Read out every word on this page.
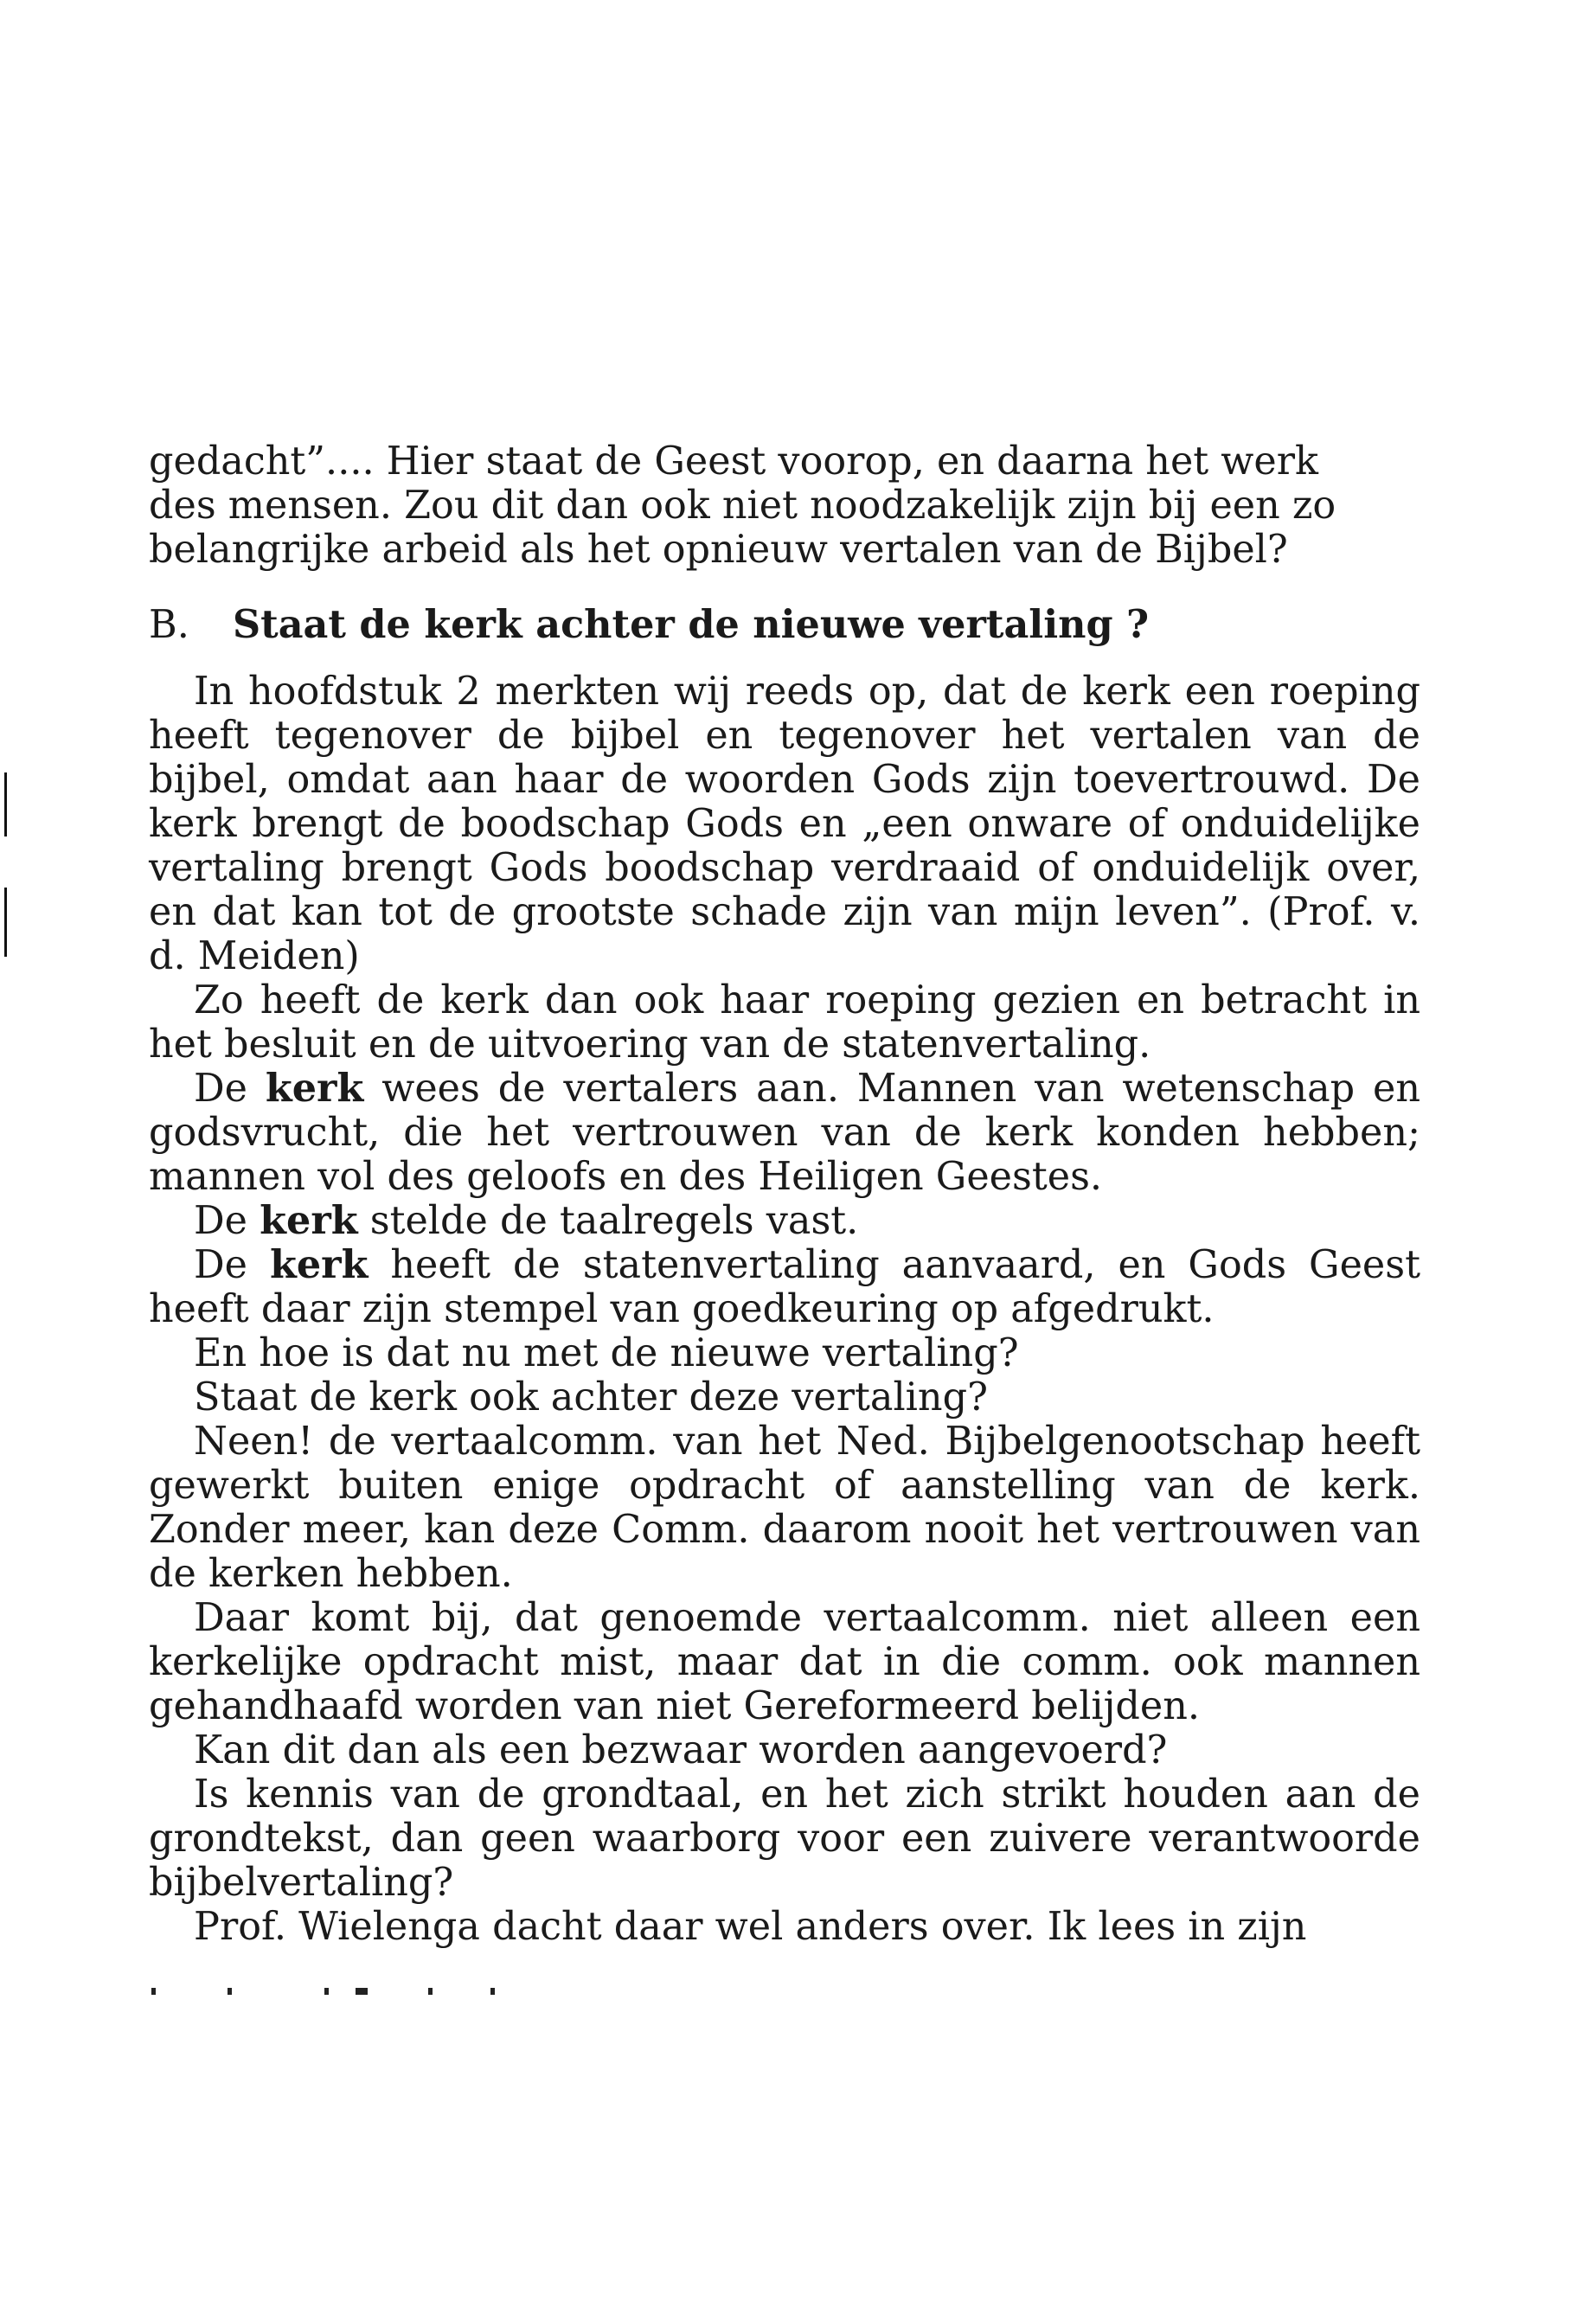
gedacht”.... Hier staat de Geest voorop, en daarna het werk
des mensen. Zou dit dan ook niet noodzakelijk zijn bij een zo
belangrijke arbeid als het opnieuw vertalen van de Bijbel?

B. Staat de kerk achter de nieuwe vertaling ?

In hoofdstuk 2 merkten wij reeds op, dat de kerk een roeping heeft tegenover de bijbel en tegenover het vertalen van de bijbel, omdat aan haar de woorden Gods zijn toevertrouwd. De kerk brengt de boodschap Gods en „een onware of onduidelijke vertaling brengt Gods boodschap verdraaid of onduidelijk over, en dat kan tot de grootste schade zijn van mijn leven”. (Prof. v. d. Meiden)

Zo heeft de kerk dan ook haar roeping gezien en betracht in het besluit en de uitvoering van de statenvertaling.

De kerk wees de vertalers aan. Mannen van wetenschap en godsvrucht, die het vertrouwen van de kerk konden hebben; mannen vol des geloofs en des Heiligen Geestes.

De kerk stelde de taalregels vast.

De kerk heeft de statenvertaling aanvaard, en Gods Geest heeft daar zijn stempel van goedkeuring op afgedrukt.

En hoe is dat nu met de nieuwe vertaling?

Staat de kerk ook achter deze vertaling?

Neen! de vertaalcomm. van het Ned. Bijbelgenootschap heeft gewerkt buiten enige opdracht of aanstelling van de kerk. Zonder meer, kan deze Comm. daarom nooit het vertrouwen van de kerken hebben.

Daar komt bij, dat genoemde vertaalcomm. niet alleen een kerkelijke opdracht mist, maar dat in die comm. ook mannen gehandhaafd worden van niet Gereformeerd belijden.

Kan dit dan als een bezwaar worden aangevoerd?

Is kennis van de grondtaal, en het zich strikt houden aan de grondtekst, dan geen waarborg voor een zuivere verantwoorde bijbelvertaling?

Prof. Wielenga dacht daar wel anders over. Ik lees in zijn
